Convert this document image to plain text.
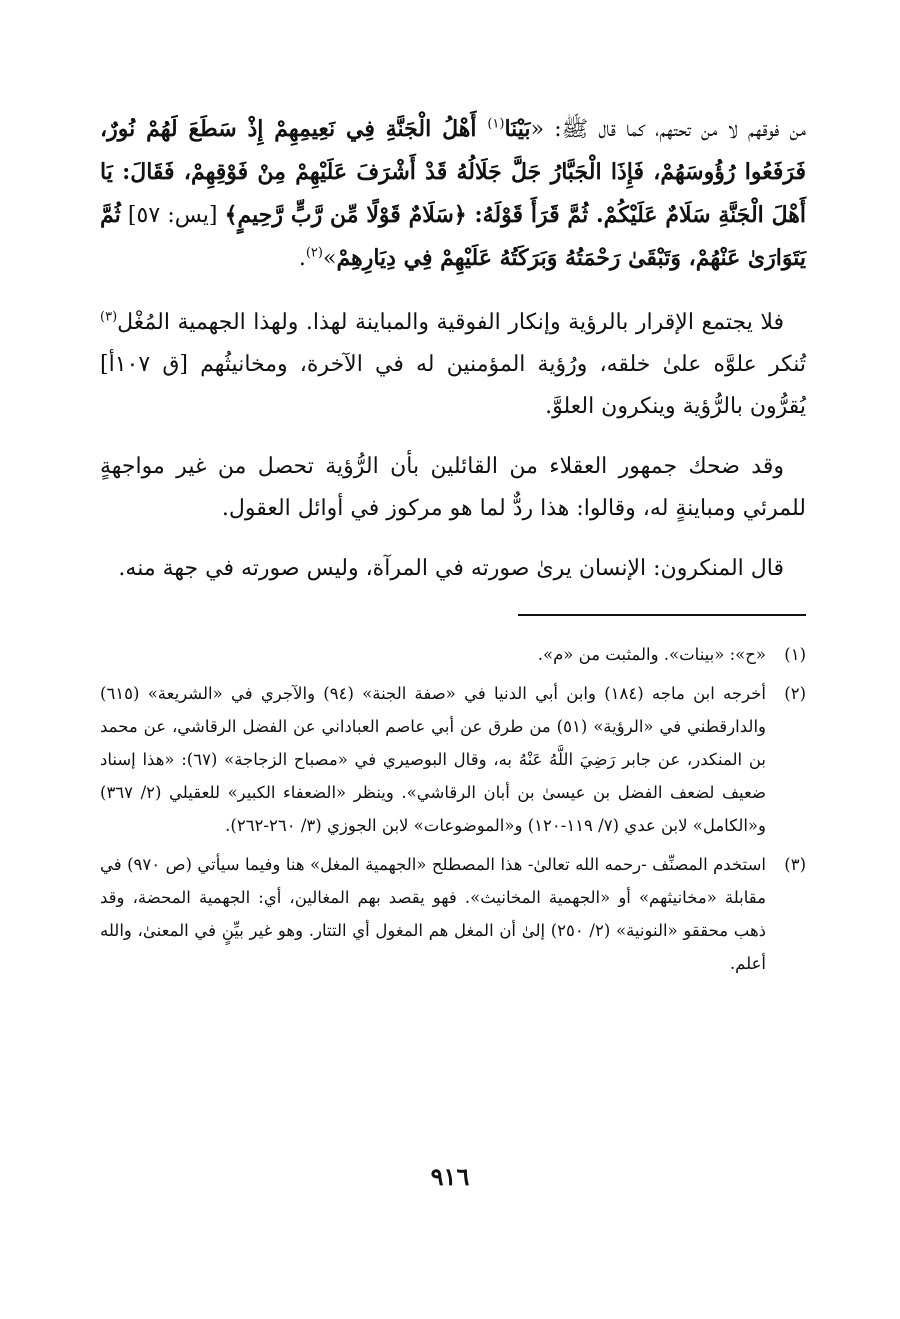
من فوقهم لا من تحتهم، كما قال ﷺ: «بَيْنَا$^{(١)}$ أَهْلُ الْجَنَّةِ فِي نَعِيمِهِمْ إِذْ سَطَعَ لَهُمْ نُورٌ، فَرَفَعُوا رُؤُوسَهُمْ، فَإِذَا الْجَبَّارُ جَلَّ جَلَالُهُ قَدْ أَشْرَفَ عَلَيْهِمْ مِنْ فَوْقِهِمْ، فَقَالَ: يَا أَهْلَ الْجَنَّةِ سَلَامٌ عَلَيْكُمْ. ثُمَّ قَرَأَ قَوْلَهُ: ﴿سَلَامٌ قَوْلًا مِّن رَّبٍّ رَّحِيمٍ﴾ [يس: ٥٧] ثُمَّ يَتَوَارَىٰ عَنْهُمْ، وَتَبْقَىٰ رَحْمَتُهُ وَبَرَكَتُهُ عَلَيْهِمْ فِي دِيَارِهِمْ»$^{(٢)}$.

فلا يجتمع الإقرار بالرؤية وإنكار الفوقية والمباينة لهذا. ولهذا الجهمية المُغْل$^{(٣)}$ تُنكر علوَّه علىٰ خلقه، ورُؤية المؤمنين له في الآخرة، ومخانيثُهم [ق ١٠٧أ] يُقرُّون بالرُّؤية وينكرون العلوَّ.

وقد ضحك جمهور العقلاء من القائلين بأن الرُّؤية تحصل من غير مواجهةٍ للمرئي ومباينةٍ له، وقالوا: هذا ردٌّ لما هو مركوز في أوائل العقول.

قال المنكرون: الإنسان يرىٰ صورته في المرآة، وليس صورته في جهة منه.

(١)
«ح»: «بينات». والمثبت من «م».
(٢)
أخرجه ابن ماجه (١٨٤) وابن أبي الدنيا في «صفة الجنة» (٩٤) والآجري في «الشريعة» (٦١٥) والدارقطني في «الرؤية» (٥١) من طرق عن أبي عاصم العباداني عن الفضل الرقاشي، عن محمد بن المنكدر، عن جابر رَضِيَ اللَّهُ عَنْهُ به، وقال البوصيري في «مصباح الزجاجة» (٦٧): «هذا إسناد ضعيف لضعف الفضل بن عيسىٰ بن أبان الرقاشي». وينظر «الضعفاء الكبير» للعقيلي (٢/ ٣٦٧) و«الكامل» لابن عدي (٧/ ١١٩-١٢٠) و«الموضوعات» لابن الجوزي (٣/ ٢٦٠-٢٦٢).
(٣)
استخدم المصنِّف -رحمه الله تعالىٰ- هذا المصطلح «الجهمية المغل» هنا وفيما سيأتي (ص ٩٧٠) في مقابلة «مخانيثهم» أو «الجهمية المخانيث». فهو يقصد بهم المغالين، أي: الجهمية المحضة، وقد ذهب محققو «النونية» (٢/ ٢٥٠) إلىٰ أن المغل هم المغول أي التتار. وهو غير بيِّنٍ في المعنىٰ، والله أعلم.
٩١٦
